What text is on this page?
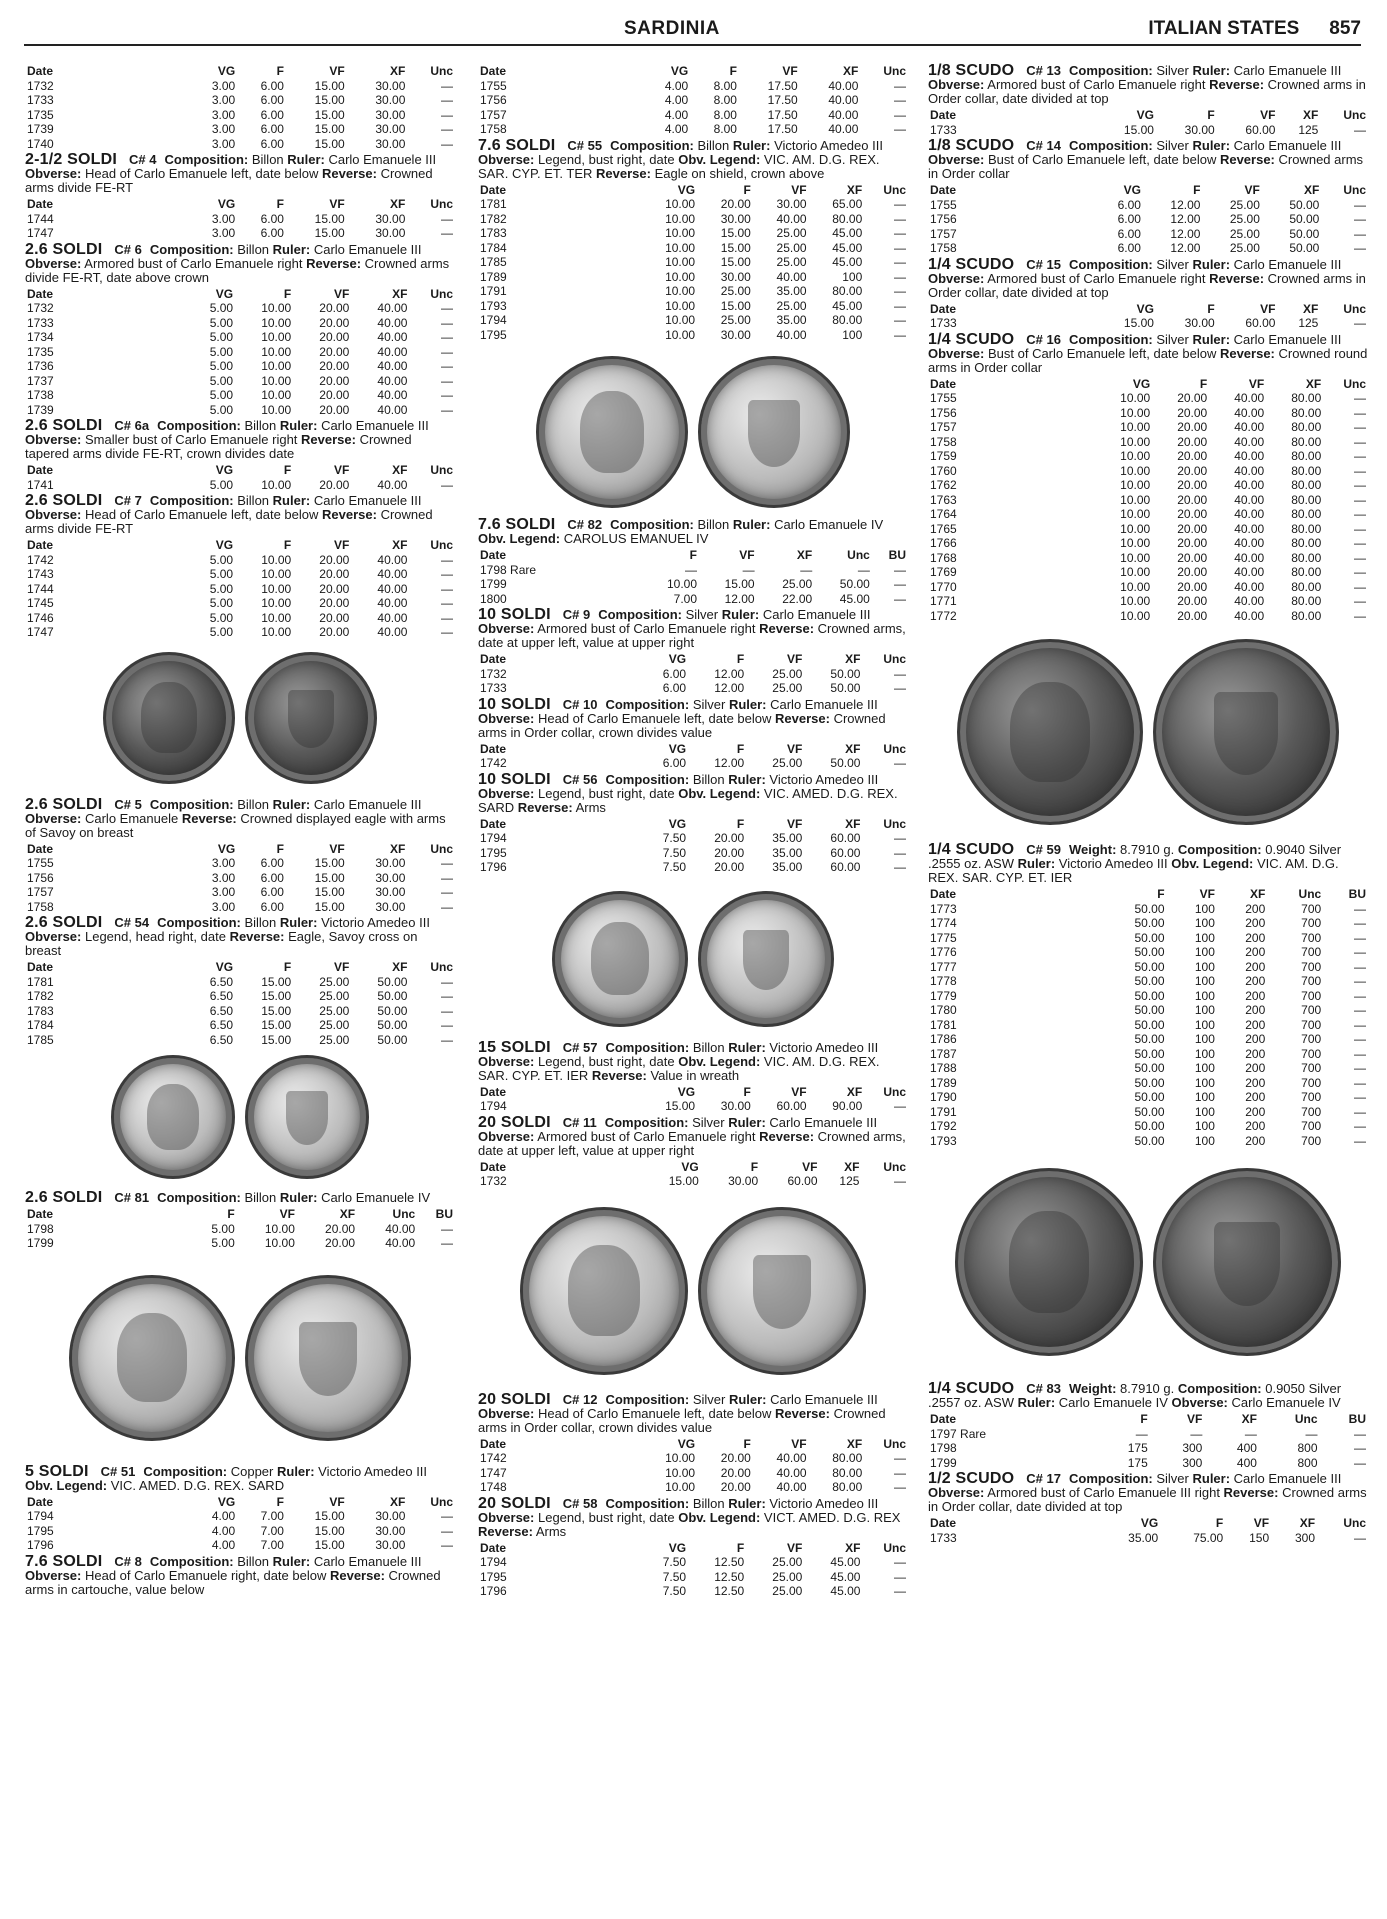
SARDINIA	ITALIAN STATES 857
Date	VG	F	VF	XF	Unc
1732	3.00	6.00	15.00	30.00	—
1733	3.00	6.00	15.00	30.00	—
1735	3.00	6.00	15.00	30.00	—
1739	3.00	6.00	15.00	30.00	—
1740	3.00	6.00	15.00	30.00	—
2-1/2 SOLDI C# 4 Composition: Billon Ruler: Carlo Emanuele III Obverse: Head of Carlo Emanuele left, date below Reverse: Crowned arms divide FE-RT
Date	VG	F	VF	XF	Unc
1744	3.00	6.00	15.00	30.00	—
1747	3.00	6.00	15.00	30.00	—
2.6 SOLDI C# 6 Composition: Billon Ruler: Carlo Emanuele III Obverse: Armored bust of Carlo Emanuele right Reverse: Crowned arms divide FE-RT, date above crown
Date	VG	F	VF	XF	Unc
1732	5.00	10.00	20.00	40.00	—
1733	5.00	10.00	20.00	40.00	—
1734	5.00	10.00	20.00	40.00	—
1735	5.00	10.00	20.00	40.00	—
1736	5.00	10.00	20.00	40.00	—
1737	5.00	10.00	20.00	40.00	—
1738	5.00	10.00	20.00	40.00	—
1739	5.00	10.00	20.00	40.00	—
2.6 SOLDI C# 6a Composition: Billon Ruler: Carlo Emanuele III Obverse: Smaller bust of Carlo Emanuele right Reverse: Crowned tapered arms divide FE-RT, crown divides date
Date	VG	F	VF	XF	Unc
1741	5.00	10.00	20.00	40.00	—
2.6 SOLDI C# 7 Composition: Billon Ruler: Carlo Emanuele III Obverse: Head of Carlo Emanuele left, date below Reverse: Crowned arms divide FE-RT
Date	VG	F	VF	XF	Unc
1742	5.00	10.00	20.00	40.00	—
1743	5.00	10.00	20.00	40.00	—
1744	5.00	10.00	20.00	40.00	—
1745	5.00	10.00	20.00	40.00	—
1746	5.00	10.00	20.00	40.00	—
1747	5.00	10.00	20.00	40.00	—
2.6 SOLDI C# 5 Composition: Billon Ruler: Carlo Emanuele III Obverse: Carlo Emanuele Reverse: Crowned displayed eagle with arms of Savoy on breast
Date	VG	F	VF	XF	Unc
1755	3.00	6.00	15.00	30.00	—
1756	3.00	6.00	15.00	30.00	—
1757	3.00	6.00	15.00	30.00	—
1758	3.00	6.00	15.00	30.00	—
2.6 SOLDI C# 54 Composition: Billon Ruler: Victorio Amedeo III Obverse: Legend, head right, date Reverse: Eagle, Savoy cross on breast
Date	VG	F	VF	XF	Unc
1781	6.50	15.00	25.00	50.00	—
1782	6.50	15.00	25.00	50.00	—
1783	6.50	15.00	25.00	50.00	—
1784	6.50	15.00	25.00	50.00	—
1785	6.50	15.00	25.00	50.00	—
2.6 SOLDI C# 81 Composition: Billon Ruler: Carlo Emanuele IV
Date	F	VF	XF	Unc	BU
1798	5.00	10.00	20.00	40.00	—
1799	5.00	10.00	20.00	40.00	—
5 SOLDI C# 51 Composition: Copper Ruler: Victorio Amedeo III Obv. Legend: VIC. AMED. D.G. REX. SARD
Date	VG	F	VF	XF	Unc
1794	4.00	7.00	15.00	30.00	—
1795	4.00	7.00	15.00	30.00	—
1796	4.00	7.00	15.00	30.00	—
7.6 SOLDI C# 8 Composition: Billon Ruler: Carlo Emanuele III Obverse: Head of Carlo Emanuele right, date below Reverse: Crowned arms in cartouche, value below
Date	VG	F	VF	XF	Unc
1755	4.00	8.00	17.50	40.00	—
1756	4.00	8.00	17.50	40.00	—
1757	4.00	8.00	17.50	40.00	—
1758	4.00	8.00	17.50	40.00	—
7.6 SOLDI C# 55 Composition: Billon Ruler: Victorio Amedeo III Obverse: Legend, bust right, date Obv. Legend: VIC. AM. D.G. REX. SAR. CYP. ET. TER Reverse: Eagle on shield, crown above
Date	VG	F	VF	XF	Unc
1781	10.00	20.00	30.00	65.00	—
1782	10.00	30.00	40.00	80.00	—
1783	10.00	15.00	25.00	45.00	—
1784	10.00	15.00	25.00	45.00	—
1785	10.00	15.00	25.00	45.00	—
1789	10.00	30.00	40.00	100	—
1791	10.00	25.00	35.00	80.00	—
1793	10.00	15.00	25.00	45.00	—
1794	10.00	25.00	35.00	80.00	—
1795	10.00	30.00	40.00	100	—
7.6 SOLDI C# 82 Composition: Billon Ruler: Carlo Emanuele IV Obv. Legend: CAROLUS EMANUEL IV
Date	F	VF	XF	Unc	BU
1798 Rare	—	—	—	—	—
1799	10.00	15.00	25.00	50.00	—
1800	7.00	12.00	22.00	45.00	—
10 SOLDI C# 9 Composition: Silver Ruler: Carlo Emanuele III Obverse: Armored bust of Carlo Emanuele right Reverse: Crowned arms, date at upper left, value at upper right
Date	VG	F	VF	XF	Unc
1732	6.00	12.00	25.00	50.00	—
1733	6.00	12.00	25.00	50.00	—
10 SOLDI C# 10 Composition: Silver Ruler: Carlo Emanuele III Obverse: Head of Carlo Emanuele left, date below Reverse: Crowned arms in Order collar, crown divides value
Date	VG	F	VF	XF	Unc
1742	6.00	12.00	25.00	50.00	—
10 SOLDI C# 56 Composition: Billon Ruler: Victorio Amedeo III Obverse: Legend, bust right, date Obv. Legend: VIC. AMED. D.G. REX. SARD Reverse: Arms
Date	VG	F	VF	XF	Unc
1794	7.50	20.00	35.00	60.00	—
1795	7.50	20.00	35.00	60.00	—
1796	7.50	20.00	35.00	60.00	—
15 SOLDI C# 57 Composition: Billon Ruler: Victorio Amedeo III Obverse: Legend, bust right, date Obv. Legend: VIC. AM. D.G. REX. SAR. CYP. ET. IER Reverse: Value in wreath
Date	VG	F	VF	XF	Unc
1794	15.00	30.00	60.00	90.00	—
20 SOLDI C# 11 Composition: Silver Ruler: Carlo Emanuele III Obverse: Armored bust of Carlo Emanuele right Reverse: Crowned arms, date at upper left, value at upper right
Date	VG	F	VF	XF	Unc
1732	15.00	30.00	60.00	125	—
20 SOLDI C# 12 Composition: Silver Ruler: Carlo Emanuele III Obverse: Head of Carlo Emanuele left, date below Reverse: Crowned arms in Order collar, crown divides value
Date	VG	F	VF	XF	Unc
1742	10.00	20.00	40.00	80.00	—
1747	10.00	20.00	40.00	80.00	—
1748	10.00	20.00	40.00	80.00	—
20 SOLDI C# 58 Composition: Billon Ruler: Victorio Amedeo III Obverse: Legend, bust right, date Obv. Legend: VICT. AMED. D.G. REX Reverse: Arms
Date	VG	F	VF	XF	Unc
1794	7.50	12.50	25.00	45.00	—
1795	7.50	12.50	25.00	45.00	—
1796	7.50	12.50	25.00	45.00	—
1/8 SCUDO C# 13 Composition: Silver Ruler: Carlo Emanuele III Obverse: Armored bust of Carlo Emanuele right Reverse: Crowned arms in Order collar, date divided at top
Date	VG	F	VF	XF	Unc
1733	15.00	30.00	60.00	125	—
1/8 SCUDO C# 14 Composition: Silver Ruler: Carlo Emanuele III Obverse: Bust of Carlo Emanuele left, date below Reverse: Crowned arms in Order collar
Date	VG	F	VF	XF	Unc
1755	6.00	12.00	25.00	50.00	—
1756	6.00	12.00	25.00	50.00	—
1757	6.00	12.00	25.00	50.00	—
1758	6.00	12.00	25.00	50.00	—
1/4 SCUDO C# 15 Composition: Silver Ruler: Carlo Emanuele III Obverse: Armored bust of Carlo Emanuele right Reverse: Crowned arms in Order collar, date divided at top
Date	VG	F	VF	XF	Unc
1733	15.00	30.00	60.00	125	—
1/4 SCUDO C# 16 Composition: Silver Ruler: Carlo Emanuele III Obverse: Bust of Carlo Emanuele left, date below Reverse: Crowned round arms in Order collar
Date	VG	F	VF	XF	Unc
1755	10.00	20.00	40.00	80.00	—
1756	10.00	20.00	40.00	80.00	—
1757	10.00	20.00	40.00	80.00	—
1758	10.00	20.00	40.00	80.00	—
1759	10.00	20.00	40.00	80.00	—
1760	10.00	20.00	40.00	80.00	—
1762	10.00	20.00	40.00	80.00	—
1763	10.00	20.00	40.00	80.00	—
1764	10.00	20.00	40.00	80.00	—
1765	10.00	20.00	40.00	80.00	—
1766	10.00	20.00	40.00	80.00	—
1768	10.00	20.00	40.00	80.00	—
1769	10.00	20.00	40.00	80.00	—
1770	10.00	20.00	40.00	80.00	—
1771	10.00	20.00	40.00	80.00	—
1772	10.00	20.00	40.00	80.00	—
1/4 SCUDO C# 59 Weight: 8.7910 g. Composition: 0.9040 Silver .2555 oz. ASW Ruler: Victorio Amedeo III Obv. Legend: VIC. AM. D.G. REX. SAR. CYP. ET. IER
Date	F	VF	XF	Unc	BU
1773	50.00	100	200	700	—
1774	50.00	100	200	700	—
1775	50.00	100	200	700	—
1776	50.00	100	200	700	—
1777	50.00	100	200	700	—
1778	50.00	100	200	700	—
1779	50.00	100	200	700	—
1780	50.00	100	200	700	—
1781	50.00	100	200	700	—
1786	50.00	100	200	700	—
1787	50.00	100	200	700	—
1788	50.00	100	200	700	—
1789	50.00	100	200	700	—
1790	50.00	100	200	700	—
1791	50.00	100	200	700	—
1792	50.00	100	200	700	—
1793	50.00	100	200	700	—
1/4 SCUDO C# 83 Weight: 8.7910 g. Composition: 0.9050 Silver .2557 oz. ASW Ruler: Carlo Emanuele IV Obverse: Carlo Emanuele IV
Date	F	VF	XF	Unc	BU
1797 Rare	—	—	—	—	—
1798	175	300	400	800	—
1799	175	300	400	800	—
1/2 SCUDO C# 17 Composition: Silver Ruler: Carlo Emanuele III Obverse: Armored bust of Carlo Emanuele III right Reverse: Crowned arms in Order collar, date divided at top
Date	VG	F	VF	XF	Unc
1733	35.00	75.00	150	300	—
